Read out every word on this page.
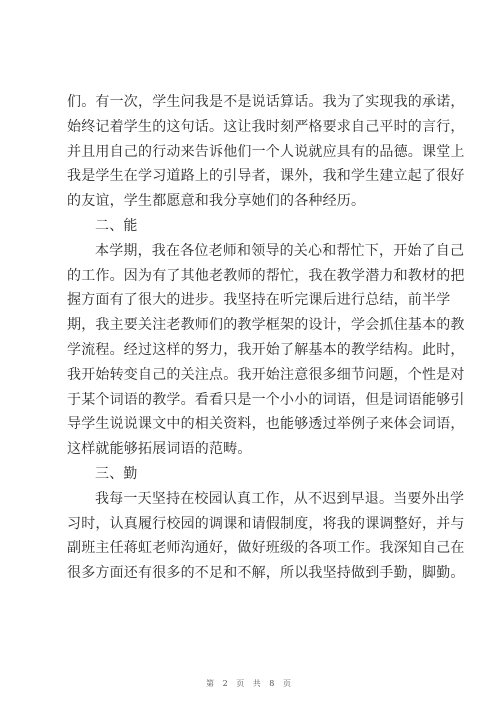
们。有一次，学生问我是不是说话算话。我为了实现我的承诺，
始终记着学生的这句话。这让我时刻严格要求自己平时的言行，
并且用自己的行动来告诉他们一个人说就应具有的品德。课堂上
我是学生在学习道路上的引导者，课外，我和学生建立起了很好
的友谊，学生都愿意和我分享她们的各种经历。
二、能
本学期，我在各位老师和领导的关心和帮忙下，开始了自己
的工作。因为有了其他老教师的帮忙，我在教学潜力和教材的把
握方面有了很大的进步。我坚持在听完课后进行总结，前半学
期，我主要关注老教师们的教学框架的设计，学会抓住基本的教
学流程。经过这样的努力，我开始了解基本的教学结构。此时，
我开始转变自己的关注点。我开始注意很多细节问题，个性是对
于某个词语的教学。看看只是一个小小的词语，但是词语能够引
导学生说说课文中的相关资料，也能够透过举例子来体会词语，
这样就能够拓展词语的范畴。
三、勤
我每一天坚持在校园认真工作，从不迟到早退。当要外出学
习时，认真履行校园的调课和请假制度，将我的课调整好，并与
副班主任蒋虹老师沟通好，做好班级的各项工作。我深知自己在
很多方面还有很多的不足和不解，所以我坚持做到手勤，脚勤。
第 2 页 共 8 页
